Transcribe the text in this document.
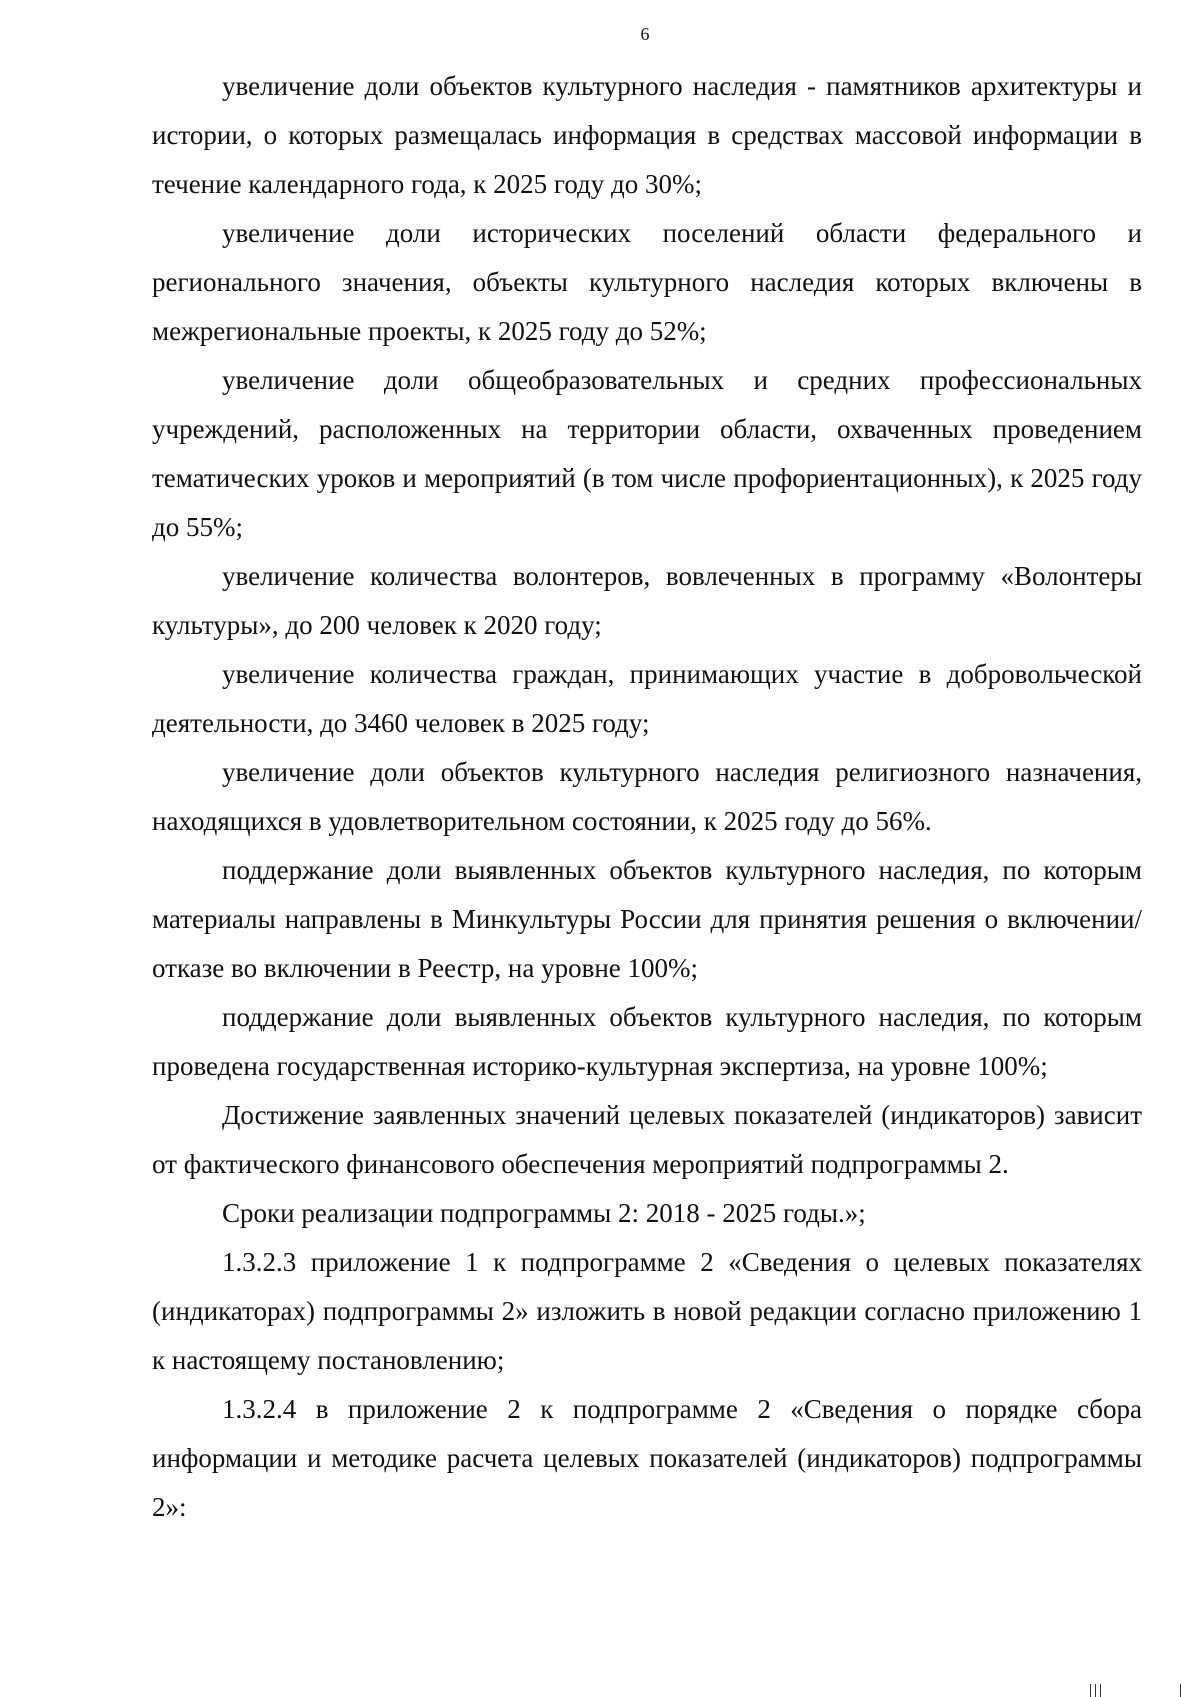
6

увеличение доли объектов культурного наследия - памятников архитектуры и истории, о которых размещалась информация в средствах массовой информации в течение календарного года, к 2025 году до 30%;

увеличение доли исторических поселений области федерального и регионального значения, объекты культурного наследия которых включены в межрегиональные проекты, к 2025 году до 52%;

увеличение доли общеобразовательных и средних профессиональных учреждений, расположенных на территории области, охваченных проведением тематических уроков и мероприятий (в том числе профориентационных), к 2025 году до 55%;

увеличение количества волонтеров, вовлеченных в программу «Волонтеры культуры», до 200 человек к 2020 году;

увеличение количества граждан, принимающих участие в добровольческой деятельности, до 3460 человек в 2025 году;

увеличение доли объектов культурного наследия религиозного назначения, находящихся в удовлетворительном состоянии, к 2025 году до 56%.

поддержание доли выявленных объектов культурного наследия, по которым материалы направлены в Минкультуры России для принятия решения о включении/отказе во включении в Реестр, на уровне 100%;

поддержание доли выявленных объектов культурного наследия, по которым проведена государственная историко-культурная экспертиза, на уровне 100%;

Достижение заявленных значений целевых показателей (индикаторов) зависит от фактического финансового обеспечения мероприятий подпрограммы 2.

Сроки реализации подпрограммы 2: 2018 - 2025 годы.»;

1.3.2.3 приложение 1 к подпрограмме 2 «Сведения о целевых показателях (индикаторах) подпрограммы 2» изложить в новой редакции согласно приложению 1 к настоящему постановлению;

1.3.2.4 в приложение 2 к подпрограмме 2 «Сведения о порядке сбора информации и методике расчета целевых показателей (индикаторов) подпрограммы 2»:
